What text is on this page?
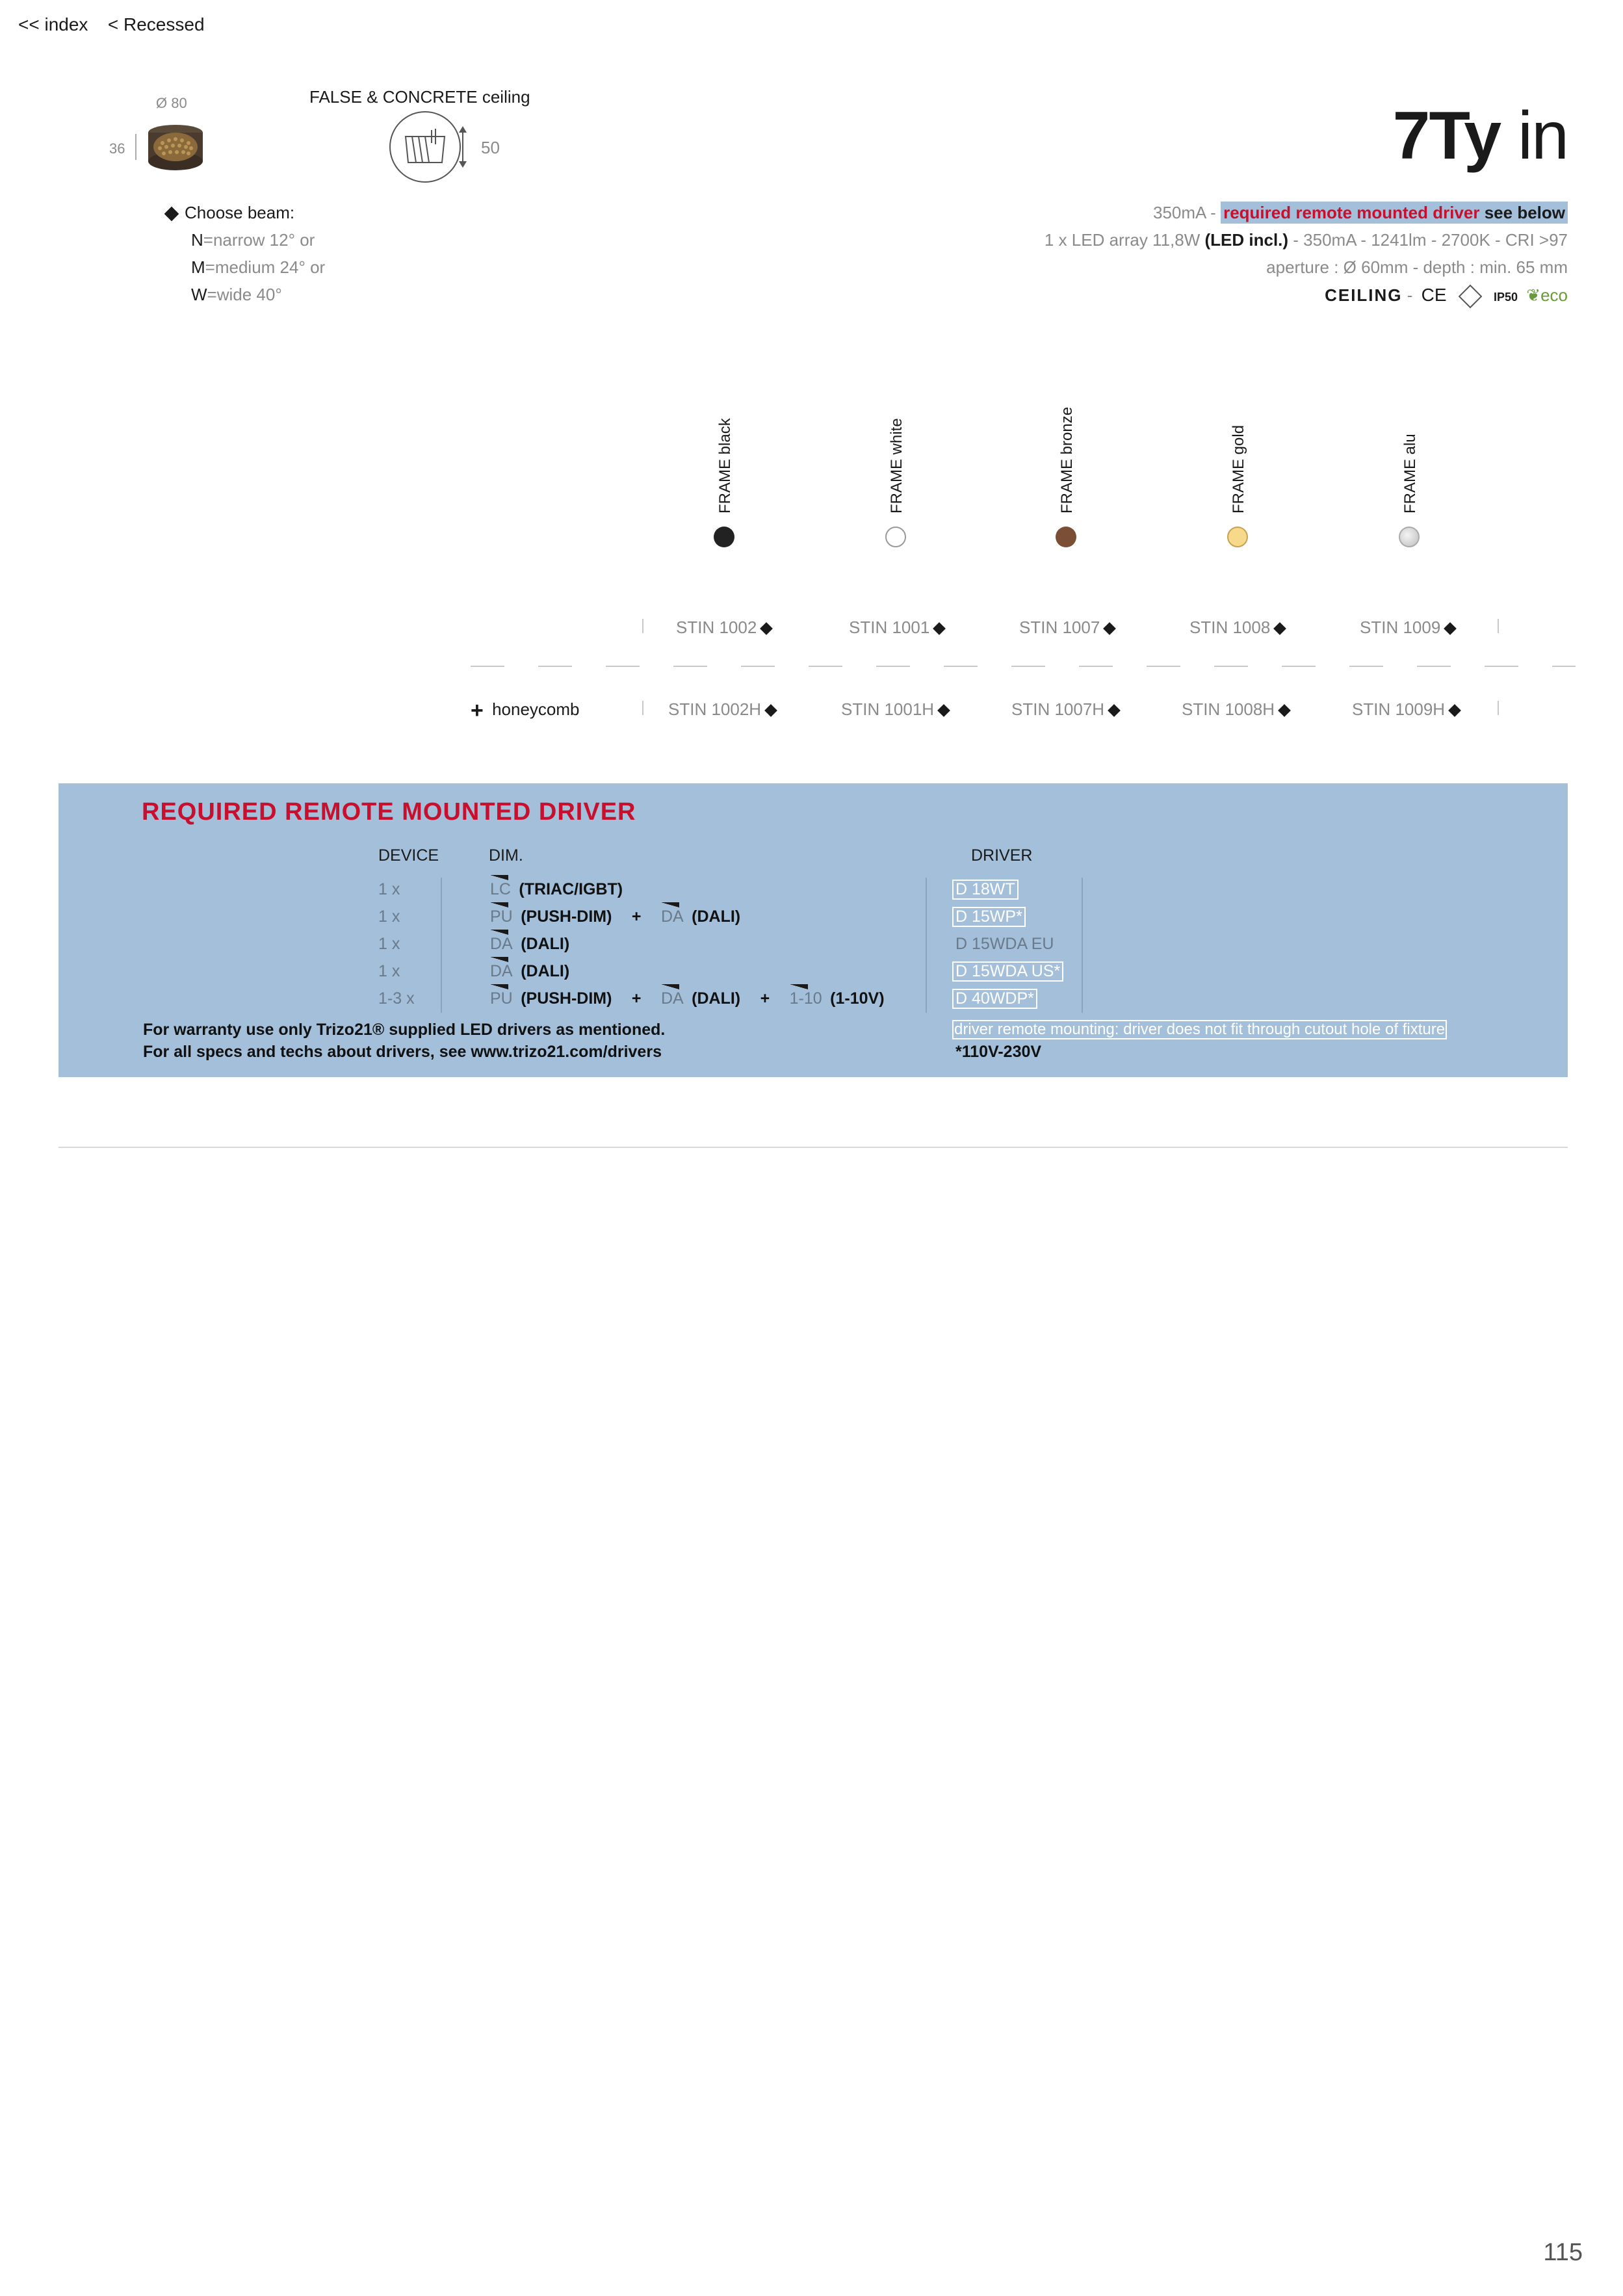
<< index < Recessed
Ø 80
36
FALSE & CONCRETE ceiling
50
Choose beam:
N=narrow 12° or
M=medium 24° or
W=wide 40°
7Ty in
350mA - required remote mounted driver see below
1 x LED array 11,8W (LED incl.) - 350mA - 1241lm - 2700K - CRI >97
aperture : Ø 60mm - depth : min. 65 mm
CEILING - CE	IP50 ❦eco
FRAME black	FRAME white	FRAME bronze	FRAME gold	FRAME alu
STIN 1002	STIN 1001	STIN 1007	STIN 1008	STIN 1009
+ honeycomb	STIN 1002H	STIN 1001H	STIN 1007H	STIN 1008H	STIN 1009H
REQUIRED REMOTE MOUNTED DRIVER
DEVICE	DIM.	DRIVER
1 x	LC (TRIAC/IGBT)	D 18WT
1 x	PU (PUSH-DIM) + DA (DALI)	D 15WP*
1 x	DA (DALI)	D 15WDA EU
1 x	DA (DALI)	D 15WDA US*
1-3 x	PU (PUSH-DIM) + DA (DALI) + 1-10 (1-10V)	D 40WDP*
For warranty use only Trizo21® supplied LED drivers as mentioned.
For all specs and techs about drivers, see www.trizo21.com/drivers
driver remote mounting: driver does not fit through cutout hole of fixture
*110V-230V
115
